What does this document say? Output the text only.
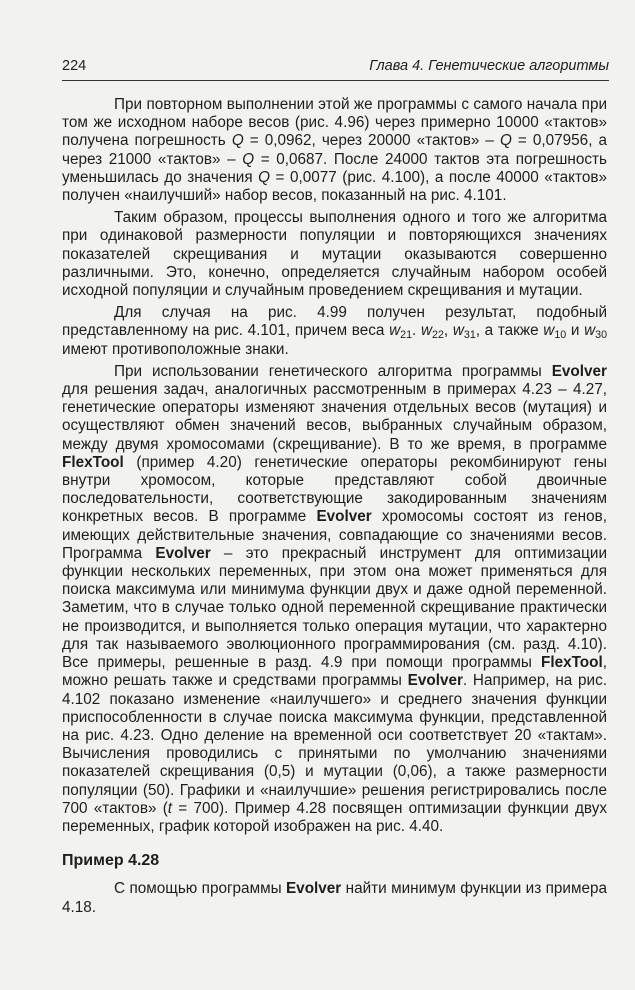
224	Глава 4. Генетические алгоритмы

При повторном выполнении этой же программы с самого начала при том же исходном наборе весов (рис. 4.96) через примерно 10000 «тактов» получена погрешность Q = 0,0962, через 20000 «тактов» – Q = 0,07956, а через 21000 «тактов» – Q = 0,0687. После 24000 тактов эта погрешность уменьшилась до значения Q = 0,0077 (рис. 4.100), а после 40000 «тактов» получен «наилучший» набор весов, показанный на рис. 4.101.

Таким образом, процессы выполнения одного и того же алгоритма при одинаковой размерности популяции и повторяющихся значениях показателей скрещивания и мутации оказываются совершенно различными. Это, конечно, определяется случайным набором особей исходной популяции и случайным проведением скрещивания и мутации.

Для случая на рис. 4.99 получен результат, подобный представленному на рис. 4.101, причем веса $w_{21}$. $w_{22}$, $w_{31}$, а также $w_{10}$ и $w_{30}$ имеют противоположные знаки.

При использовании генетического алгоритма программы Evolver для решения задач, аналогичных рассмотренным в примерах 4.23 – 4.27, генетические операторы изменяют значения отдельных весов (мутация) и осуществляют обмен значений весов, выбранных случайным образом, между двумя хромосомами (скрещивание). В то же время, в программе FlexTool (пример 4.20) генетические операторы рекомбинируют гены внутри хромосом, которые представляют собой двоичные последовательности, соответствующие закодированным значениям конкретных весов. В программе Evolver хромосомы состоят из генов, имеющих действительные значения, совпадающие со значениями весов. Программа Evolver – это прекрасный инструмент для оптимизации функции нескольких переменных, при этом она может применяться для поиска максимума или минимума функции двух и даже одной переменной. Заметим, что в случае только одной переменной скрещивание практически не производится, и выполняется только операция мутации, что характерно для так называемого эволюционного программирования (см. разд. 4.10). Все примеры, решенные в разд. 4.9 при помощи программы FlexTool, можно решать также и средствами программы Evolver. Например, на рис. 4.102 показано изменение «наилучшего» и среднего значения функции приспособленности в случае поиска максимума функции, представленной на рис. 4.23. Одно деление на временной оси соответствует 20 «тактам». Вычисления проводились с принятыми по умолчанию значениями показателей скрещивания (0,5) и мутации (0,06), а также размерности популяции (50). Графики и «наилучшие» решения регистрировались после 700 «тактов» (t = 700). Пример 4.28 посвящен оптимизации функции двух переменных, график которой изображен на рис. 4.40.

Пример 4.28

С помощью программы Evolver найти минимум функции из примера 4.18.
